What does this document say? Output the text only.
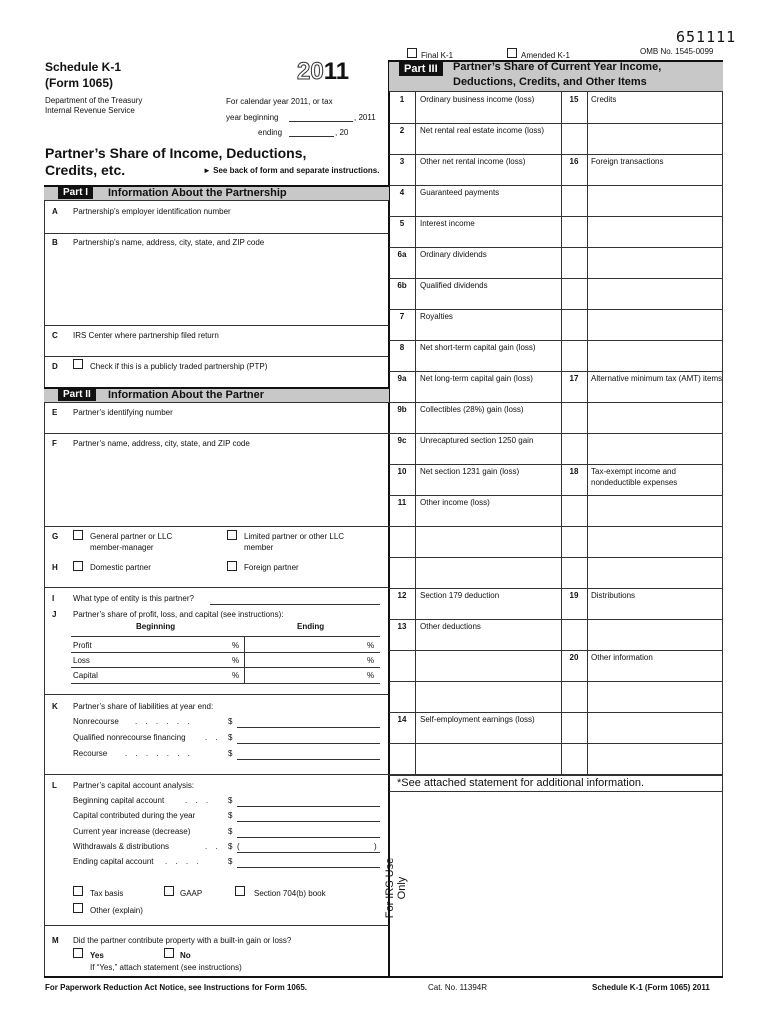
651111
OMB No. 1545-0099
Final K-1	Amended K-1
Schedule K-1
(Form 1065)	2011
Department of the Treasury
Internal Revenue Service
For calendar year 2011, or tax
year beginning	, 2011
ending	, 20
Partner’s Share of Income, Deductions,
Credits, etc.	► See back of form and separate instructions.
Part I	Information About the Partnership
A Partnership’s employer identification number
B Partnership’s name, address, city, state, and ZIP code
C IRS Center where partnership filed return
D	Check if this is a publicly traded partnership (PTP)
Part II	Information About the Partner
E Partner’s identifying number
F Partner’s name, address, city, state, and ZIP code
G	General partner or LLC
member-manager
Limited partner or other LLC
member
H	Domestic partner	Foreign partner
I What type of entity is this partner?
J Partner’s share of profit, loss, and capital (see instructions):
Beginning	Ending
Profit	%	%
Loss	%	%
Capital	%	%
K Partner’s share of liabilities at year end:
Nonrecourse . . . . . .	$
Qualified nonrecourse financing . . $
Recourse . . . . . . .	$
L Partner’s capital account analysis:
Beginning capital account	. . . $
Capital contributed during the year	$
Current year increase (decrease)	$
Withdrawals & distributions	. . $ (	)
Ending capital account . . . .	$
Tax basis	GAAP	Section 704(b) book
Other (explain)
M Did the partner contribute property with a built-in gain or loss?
Yes	No
If “Yes,” attach statement (see instructions)
Part III	Partner’s Share of Current Year Income,
Deductions, Credits, and Other Items
1	Ordinary business income (loss)
2	Net rental real estate income (loss)
3	Other net rental income (loss)
4	Guaranteed payments
5	Interest income
6a	Ordinary dividends
6b	Qualified dividends
7	Royalties
8	Net short-term capital gain (loss)
9a	Net long-term capital gain (loss)
9b	Collectibles (28%) gain (loss)
9c	Unrecaptured section 1250 gain
10	Net section 1231 gain (loss)
11	Other income (loss)
12	Section 179 deduction
13	Other deductions
14	Self-employment earnings (loss)
15	Credits
16	Foreign transactions
17	Alternative minimum tax (AMT) items
18	Tax-exempt income and
nondeductible expenses
19	Distributions
20	Other information
*See attached statement for additional information.
For IRS Use Only
For Paperwork Reduction Act Notice, see Instructions for Form 1065.	Cat. No. 11394R	Schedule K-1 (Form 1065) 2011
